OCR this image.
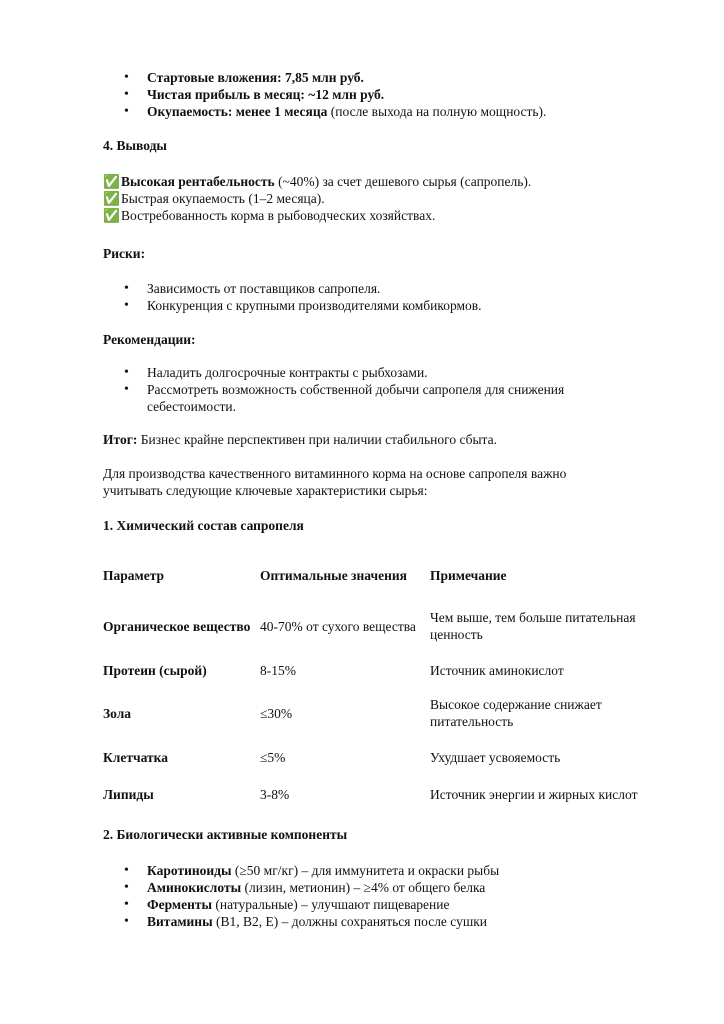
• Стартовые вложения: 7,85 млн руб.
• Чистая прибыль в месяц: ~12 млн руб.
• Окупаемость: менее 1 месяца (после выхода на полную мощность).
4. Выводы
✅Высокая рентабельность (~40%) за счет дешевого сырья (сапропель).
✅Быстрая окупаемость (1–2 месяца).
✅Востребованность корма в рыбоводческих хозяйствах.
Риски:
• Зависимость от поставщиков сапропеля.
• Конкуренция с крупными производителями комбикормов.
Рекомендации:
• Наладить долгосрочные контракты с рыбхозами.
• Рассмотреть возможность собственной добычи сапропеля для снижения себестоимости.
Итог: Бизнес крайне перспективен при наличии стабильного сбыта.
Для производства качественного витаминного корма на основе сапропеля важно учитывать следующие ключевые характеристики сырья:
1. Химический состав сапропеля
Параметр	Оптимальные значения	Примечание
Органическое вещество	40-70% от сухого вещества	Чем выше, тем больше питательная ценность
Протеин (сырой)	8-15%	Источник аминокислот
Зола	≤30%	Высокое содержание снижает питательность
Клетчатка	≤5%	Ухудшает усвояемость
Липиды	3-8%	Источник энергии и жирных кислот
2. Биологически активные компоненты
• Каротиноиды (≥50 мг/кг) – для иммунитета и окраски рыбы
• Аминокислоты (лизин, метионин) – ≥4% от общего белка
• Ферменты (натуральные) – улучшают пищеварение
• Витамины (B1, B2, E) – должны сохраняться после сушки
